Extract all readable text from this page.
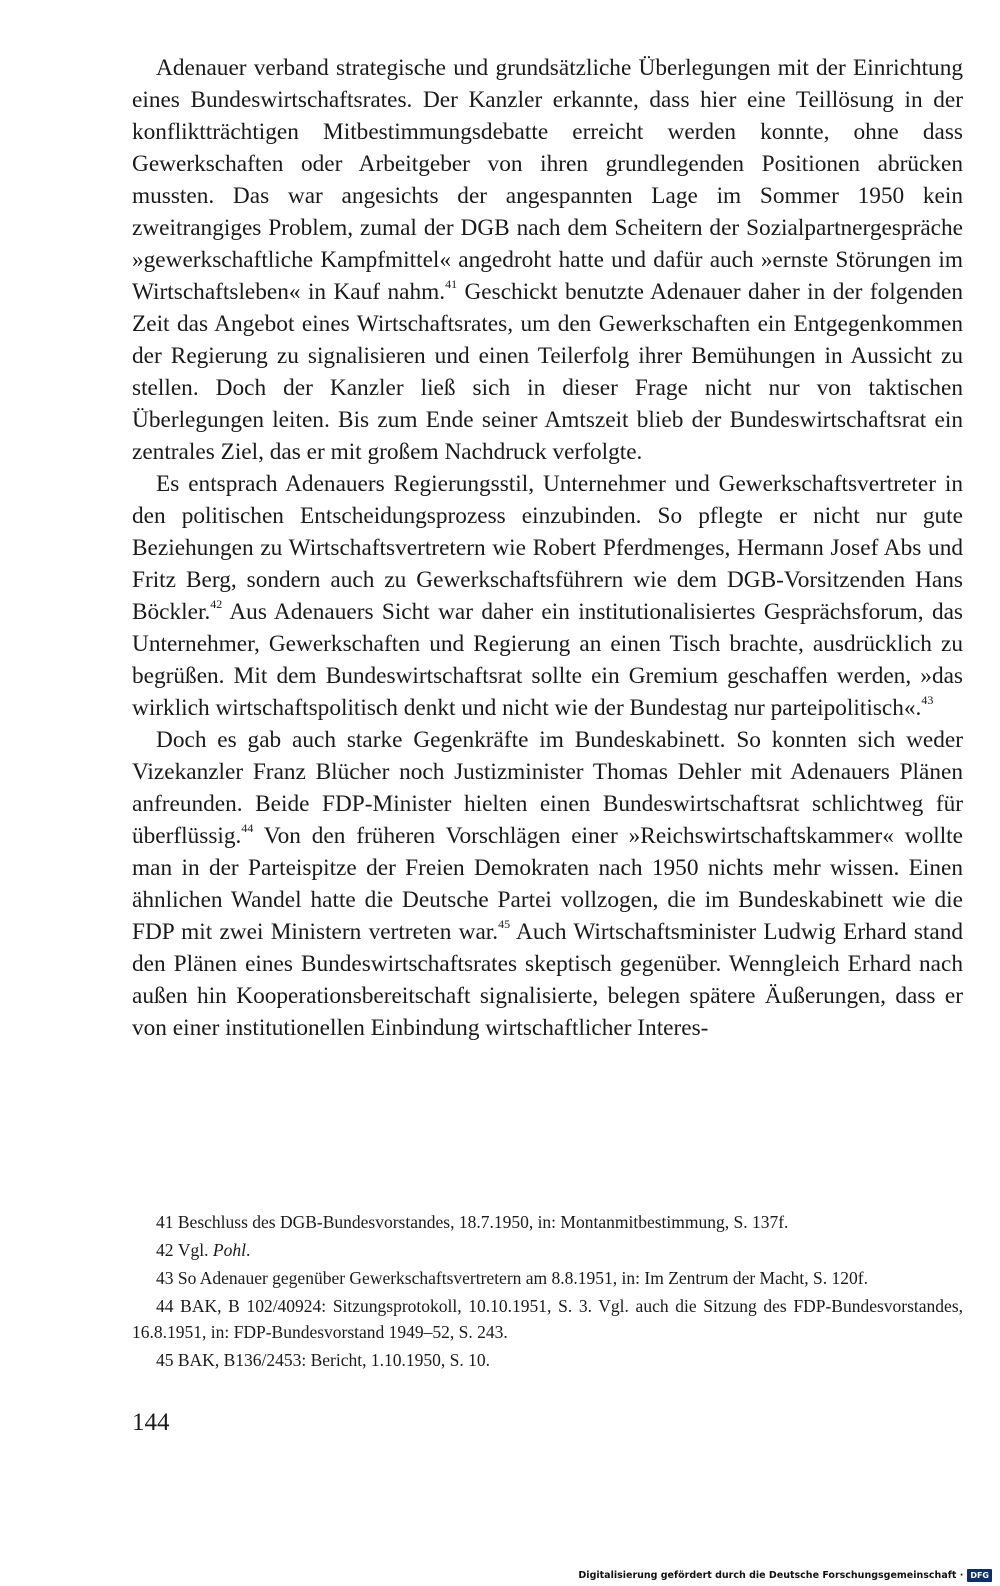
Adenauer verband strategische und grundsätzliche Überlegungen mit der Einrichtung eines Bundeswirtschaftsrates. Der Kanzler erkannte, dass hier eine Teillösung in der konfliktträchtigen Mitbestimmungsdebatte erreicht werden konnte, ohne dass Gewerkschaften oder Arbeitgeber von ihren grundlegenden Positionen abrücken mussten. Das war angesichts der angespannten Lage im Sommer 1950 kein zweitrangiges Problem, zumal der DGB nach dem Scheitern der Sozialpartnergespräche »gewerkschaftliche Kampfmittel« angedroht hatte und dafür auch »ernste Störungen im Wirtschaftsleben« in Kauf nahm.$^{41}$ Geschickt benutzte Adenauer daher in der folgenden Zeit das Angebot eines Wirtschaftsrates, um den Gewerkschaften ein Entgegenkommen der Regierung zu signalisieren und einen Teilerfolg ihrer Bemühungen in Aussicht zu stellen. Doch der Kanzler ließ sich in dieser Frage nicht nur von taktischen Überlegungen leiten. Bis zum Ende seiner Amtszeit blieb der Bundeswirtschaftsrat ein zentrales Ziel, das er mit großem Nachdruck verfolgte.

Es entsprach Adenauers Regierungsstil, Unternehmer und Gewerkschaftsvertreter in den politischen Entscheidungsprozess einzubinden. So pflegte er nicht nur gute Beziehungen zu Wirtschaftsvertretern wie Robert Pferdmenges, Hermann Josef Abs und Fritz Berg, sondern auch zu Gewerkschaftsführern wie dem DGB-Vorsitzenden Hans Böckler.$^{42}$ Aus Adenauers Sicht war daher ein institutionalisiertes Gesprächsforum, das Unternehmer, Gewerkschaften und Regierung an einen Tisch brachte, ausdrücklich zu begrüßen. Mit dem Bundeswirtschaftsrat sollte ein Gremium geschaffen werden, »das wirklich wirtschaftspolitisch denkt und nicht wie der Bundestag nur parteipolitisch«.$^{43}$

Doch es gab auch starke Gegenkräfte im Bundeskabinett. So konnten sich weder Vizekanzler Franz Blücher noch Justizminister Thomas Dehler mit Adenauers Plänen anfreunden. Beide FDP-Minister hielten einen Bundeswirtschaftsrat schlichtweg für überflüssig.$^{44}$ Von den früheren Vorschlägen einer »Reichswirtschaftskammer« wollte man in der Parteispitze der Freien Demokraten nach 1950 nichts mehr wissen. Einen ähnlichen Wandel hatte die Deutsche Partei vollzogen, die im Bundeskabinett wie die FDP mit zwei Ministern vertreten war.$^{45}$ Auch Wirtschaftsminister Ludwig Erhard stand den Plänen eines Bundeswirtschaftsrates skeptisch gegenüber. Wenngleich Erhard nach außen hin Kooperationsbereitschaft signalisierte, belegen spätere Äußerungen, dass er von einer institutionellen Einbindung wirtschaftlicher Interes-

41 Beschluss des DGB-Bundesvorstandes, 18.7.1950, in: Montanmitbestimmung, S. 137f.

42 Vgl. Pohl.

43 So Adenauer gegenüber Gewerkschaftsvertretern am 8.8.1951, in: Im Zentrum der Macht, S. 120f.

44 BAK, B 102/40924: Sitzungsprotokoll, 10.10.1951, S. 3. Vgl. auch die Sitzung des FDP-Bundesvorstandes, 16.8.1951, in: FDP-Bundesvorstand 1949–52, S. 243.

45 BAK, B136/2453: Bericht, 1.10.1950, S. 10.

144
Digitalisierung gefördert durch die Deutsche Forschungsgemeinschaft · DFG
